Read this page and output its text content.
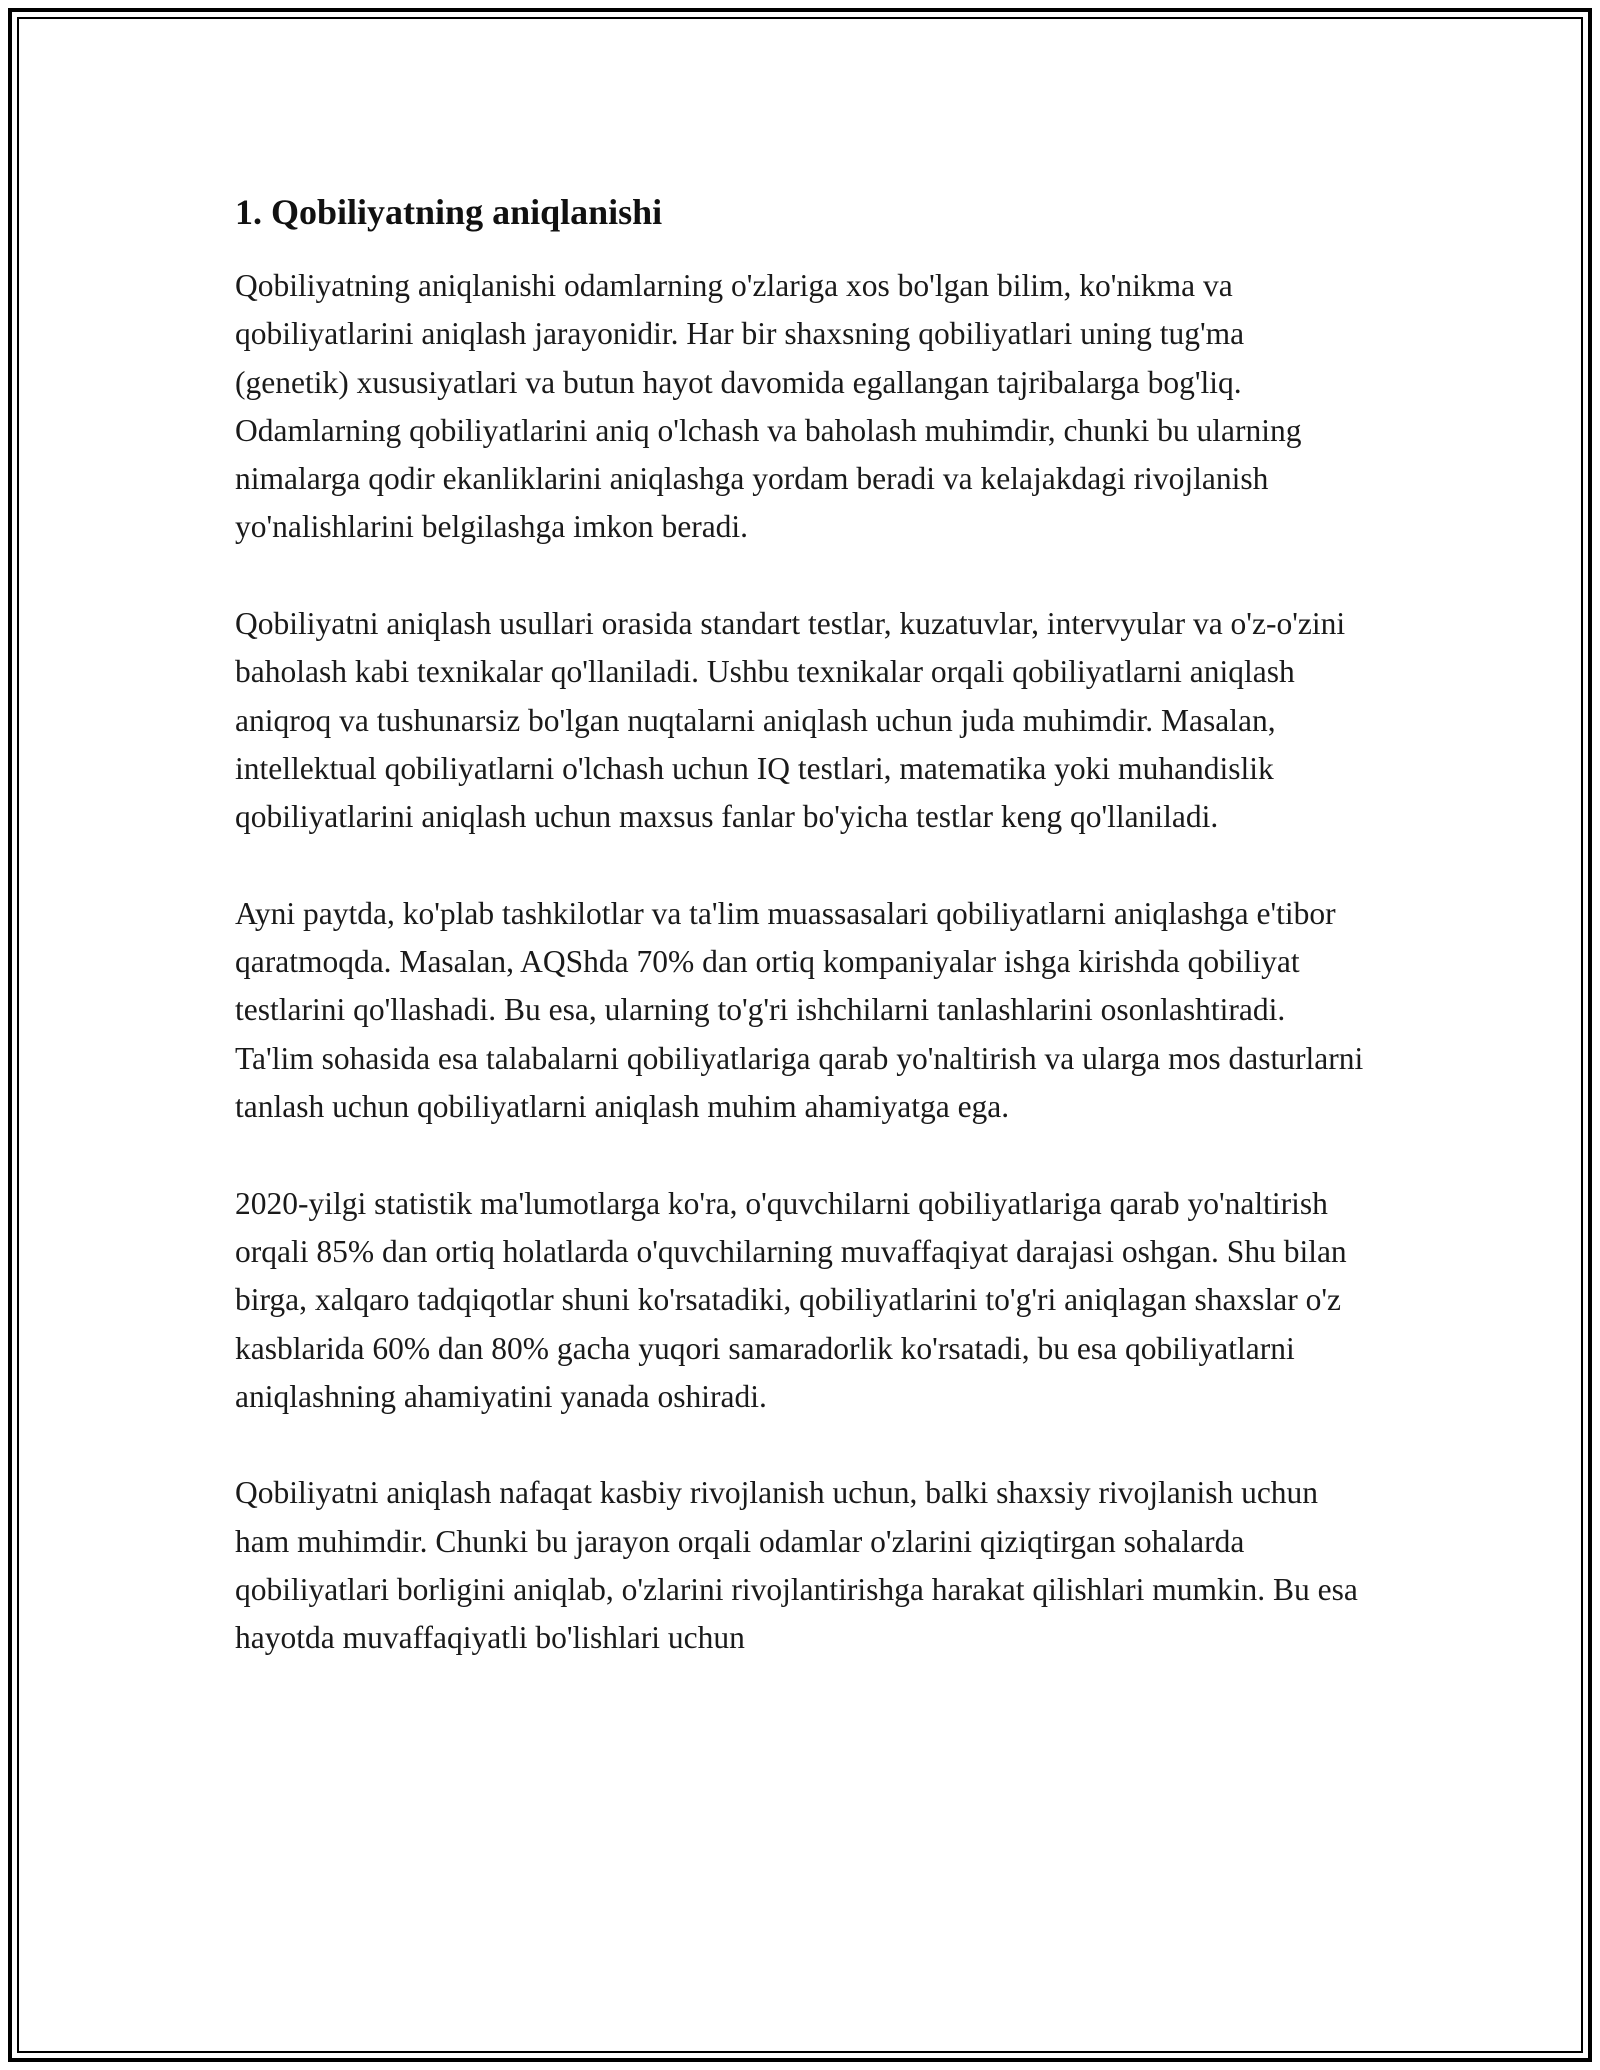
1. Qobiliyatning aniqlanishi

Qobiliyatning aniqlanishi odamlarning o'zlariga xos bo'lgan bilim, ko'nikma va qobiliyatlarini aniqlash jarayonidir. Har bir shaxsning qobiliyatlari uning tug'ma (genetik) xususiyatlari va butun hayot davomida egallangan tajribalarga bog'liq. Odamlarning qobiliyatlarini aniq o'lchash va baholash muhimdir, chunki bu ularning nimalarga qodir ekanliklarini aniqlashga yordam beradi va kelajakdagi rivojlanish yo'nalishlarini belgilashga imkon beradi.

Qobiliyatni aniqlash usullari orasida standart testlar, kuzatuvlar, intervyular va o'z-o'zini baholash kabi texnikalar qo'llaniladi. Ushbu texnikalar orqali qobiliyatlarni aniqlash aniqroq va tushunarsiz bo'lgan nuqtalarni aniqlash uchun juda muhimdir. Masalan, intellektual qobiliyatlarni o'lchash uchun IQ testlari, matematika yoki muhandislik qobiliyatlarini aniqlash uchun maxsus fanlar bo'yicha testlar keng qo'llaniladi.

Ayni paytda, ko'plab tashkilotlar va ta'lim muassasalari qobiliyatlarni aniqlashga e'tibor qaratmoqda. Masalan, AQShda 70% dan ortiq kompaniyalar ishga kirishda qobiliyat testlarini qo'llashadi. Bu esa, ularning to'g'ri ishchilarni tanlashlarini osonlashtiradi. Ta'lim sohasida esa talabalarni qobiliyatlariga qarab yo'naltirish va ularga mos dasturlarni tanlash uchun qobiliyatlarni aniqlash muhim ahamiyatga ega.

2020-yilgi statistik ma'lumotlarga ko'ra, o'quvchilarni qobiliyatlariga qarab yo'naltirish orqali 85% dan ortiq holatlarda o'quvchilarning muvaffaqiyat darajasi oshgan. Shu bilan birga, xalqaro tadqiqotlar shuni ko'rsatadiki, qobiliyatlarini to'g'ri aniqlagan shaxslar o'z kasblarida 60% dan 80% gacha yuqori samaradorlik ko'rsatadi, bu esa qobiliyatlarni aniqlashning ahamiyatini yanada oshiradi.

Qobiliyatni aniqlash nafaqat kasbiy rivojlanish uchun, balki shaxsiy rivojlanish uchun ham muhimdir. Chunki bu jarayon orqali odamlar o'zlarini qiziqtirgan sohalarda qobiliyatlari borligini aniqlab, o'zlarini rivojlantirishga harakat qilishlari mumkin. Bu esa hayotda muvaffaqiyatli bo'lishlari uchun
